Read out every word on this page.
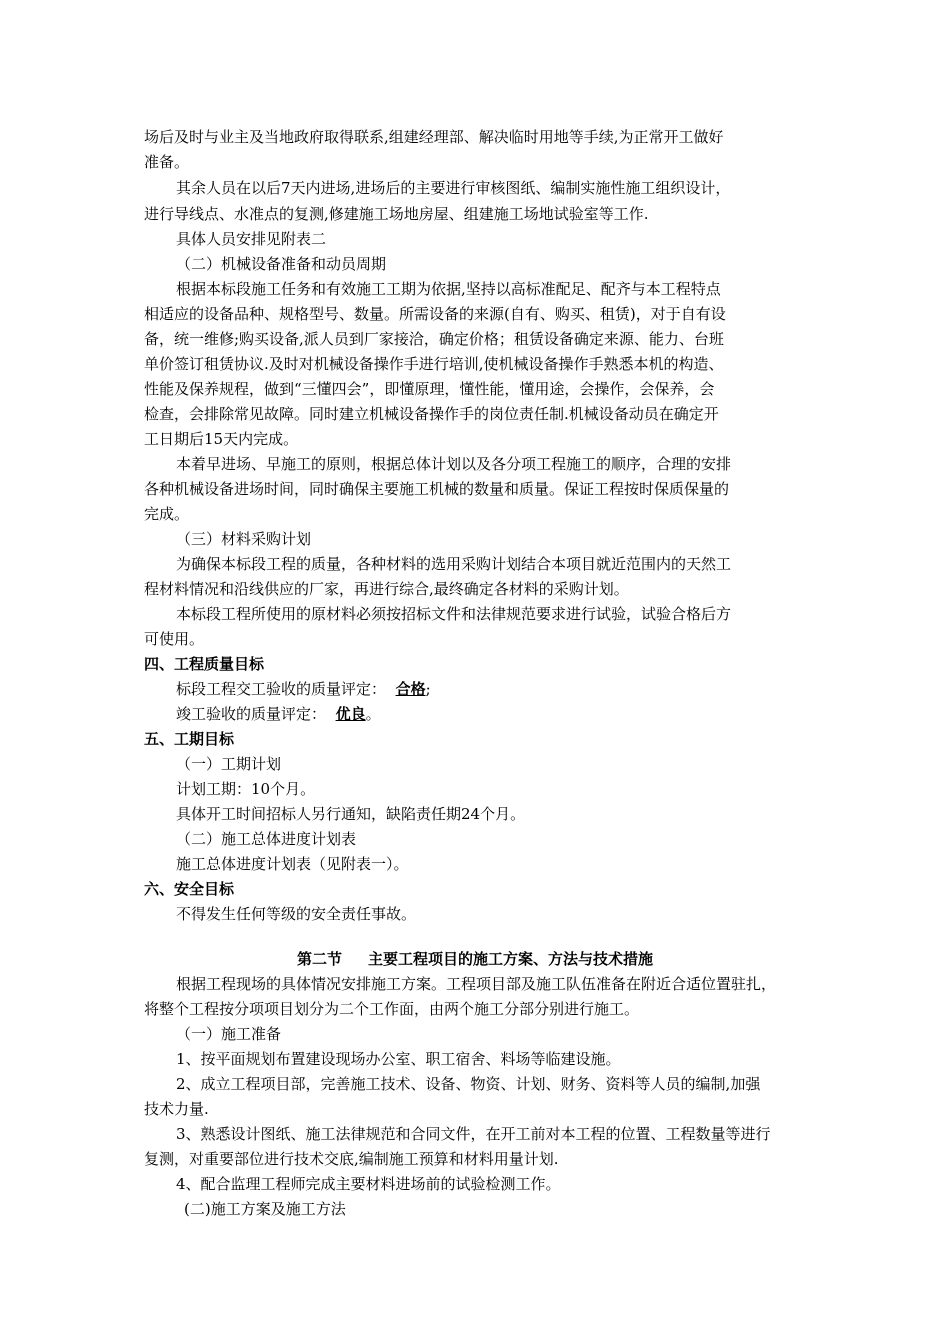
场后及时与业主及当地政府取得联系,组建经理部、解决临时用地等手续,为正常开工做好
准备。
其余人员在以后7天内进场,进场后的主要进行审核图纸、编制实施性施工组织设计，
进行导线点、水准点的复测,修建施工场地房屋、组建施工场地试验室等工作.
具体人员安排见附表二
（二）机械设备准备和动员周期
根据本标段施工任务和有效施工工期为依据,坚持以高标准配足、配齐与本工程特点
相适应的设备品种、规格型号、数量。所需设备的来源(自有、购买、租赁)，对于自有设
备，统一维修;购买设备,派人员到厂家接洽，确定价格；租赁设备确定来源、能力、台班
单价签订租赁协议.及时对机械设备操作手进行培训,使机械设备操作手熟悉本机的构造、
性能及保养规程，做到“三懂四会”，即懂原理，懂性能，懂用途，会操作，会保养，会
检查，会排除常见故障。同时建立机械设备操作手的岗位责任制.机械设备动员在确定开
工日期后15天内完成。
本着早进场、早施工的原则，根据总体计划以及各分项工程施工的顺序，合理的安排
各种机械设备进场时间，同时确保主要施工机械的数量和质量。保证工程按时保质保量的
完成。
（三）材料采购计划
为确保本标段工程的质量，各种材料的选用采购计划结合本项目就近范围内的天然工
程材料情况和沿线供应的厂家，再进行综合,最终确定各材料的采购计划。
本标段工程所使用的原材料必须按招标文件和法律规范要求进行试验，试验合格后方
可使用。
四、工程质量目标
标段工程交工验收的质量评定： 合格;
竣工验收的质量评定： 优良。
五、工期目标
（一）工期计划
计划工期：10个月。
具体开工时间招标人另行通知，缺陷责任期24个月。
（二）施工总体进度计划表
施工总体进度计划表（见附表一）。
六、安全目标
不得发生任何等级的安全责任事故。
第二节 主要工程项目的施工方案、方法与技术措施
根据工程现场的具体情况安排施工方案。工程项目部及施工队伍准备在附近合适位置驻扎，
将整个工程按分项项目划分为二个工作面，由两个施工分部分别进行施工。
（一）施工准备
1、按平面规划布置建设现场办公室、职工宿舍、料场等临建设施。
2、成立工程项目部，完善施工技术、设备、物资、计划、财务、资料等人员的编制,加强
技术力量.
3、熟悉设计图纸、施工法律规范和合同文件，在开工前对本工程的位置、工程数量等进行
复测，对重要部位进行技术交底,编制施工预算和材料用量计划.
4、配合监理工程师完成主要材料进场前的试验检测工作。
(二)施工方案及施工方法
